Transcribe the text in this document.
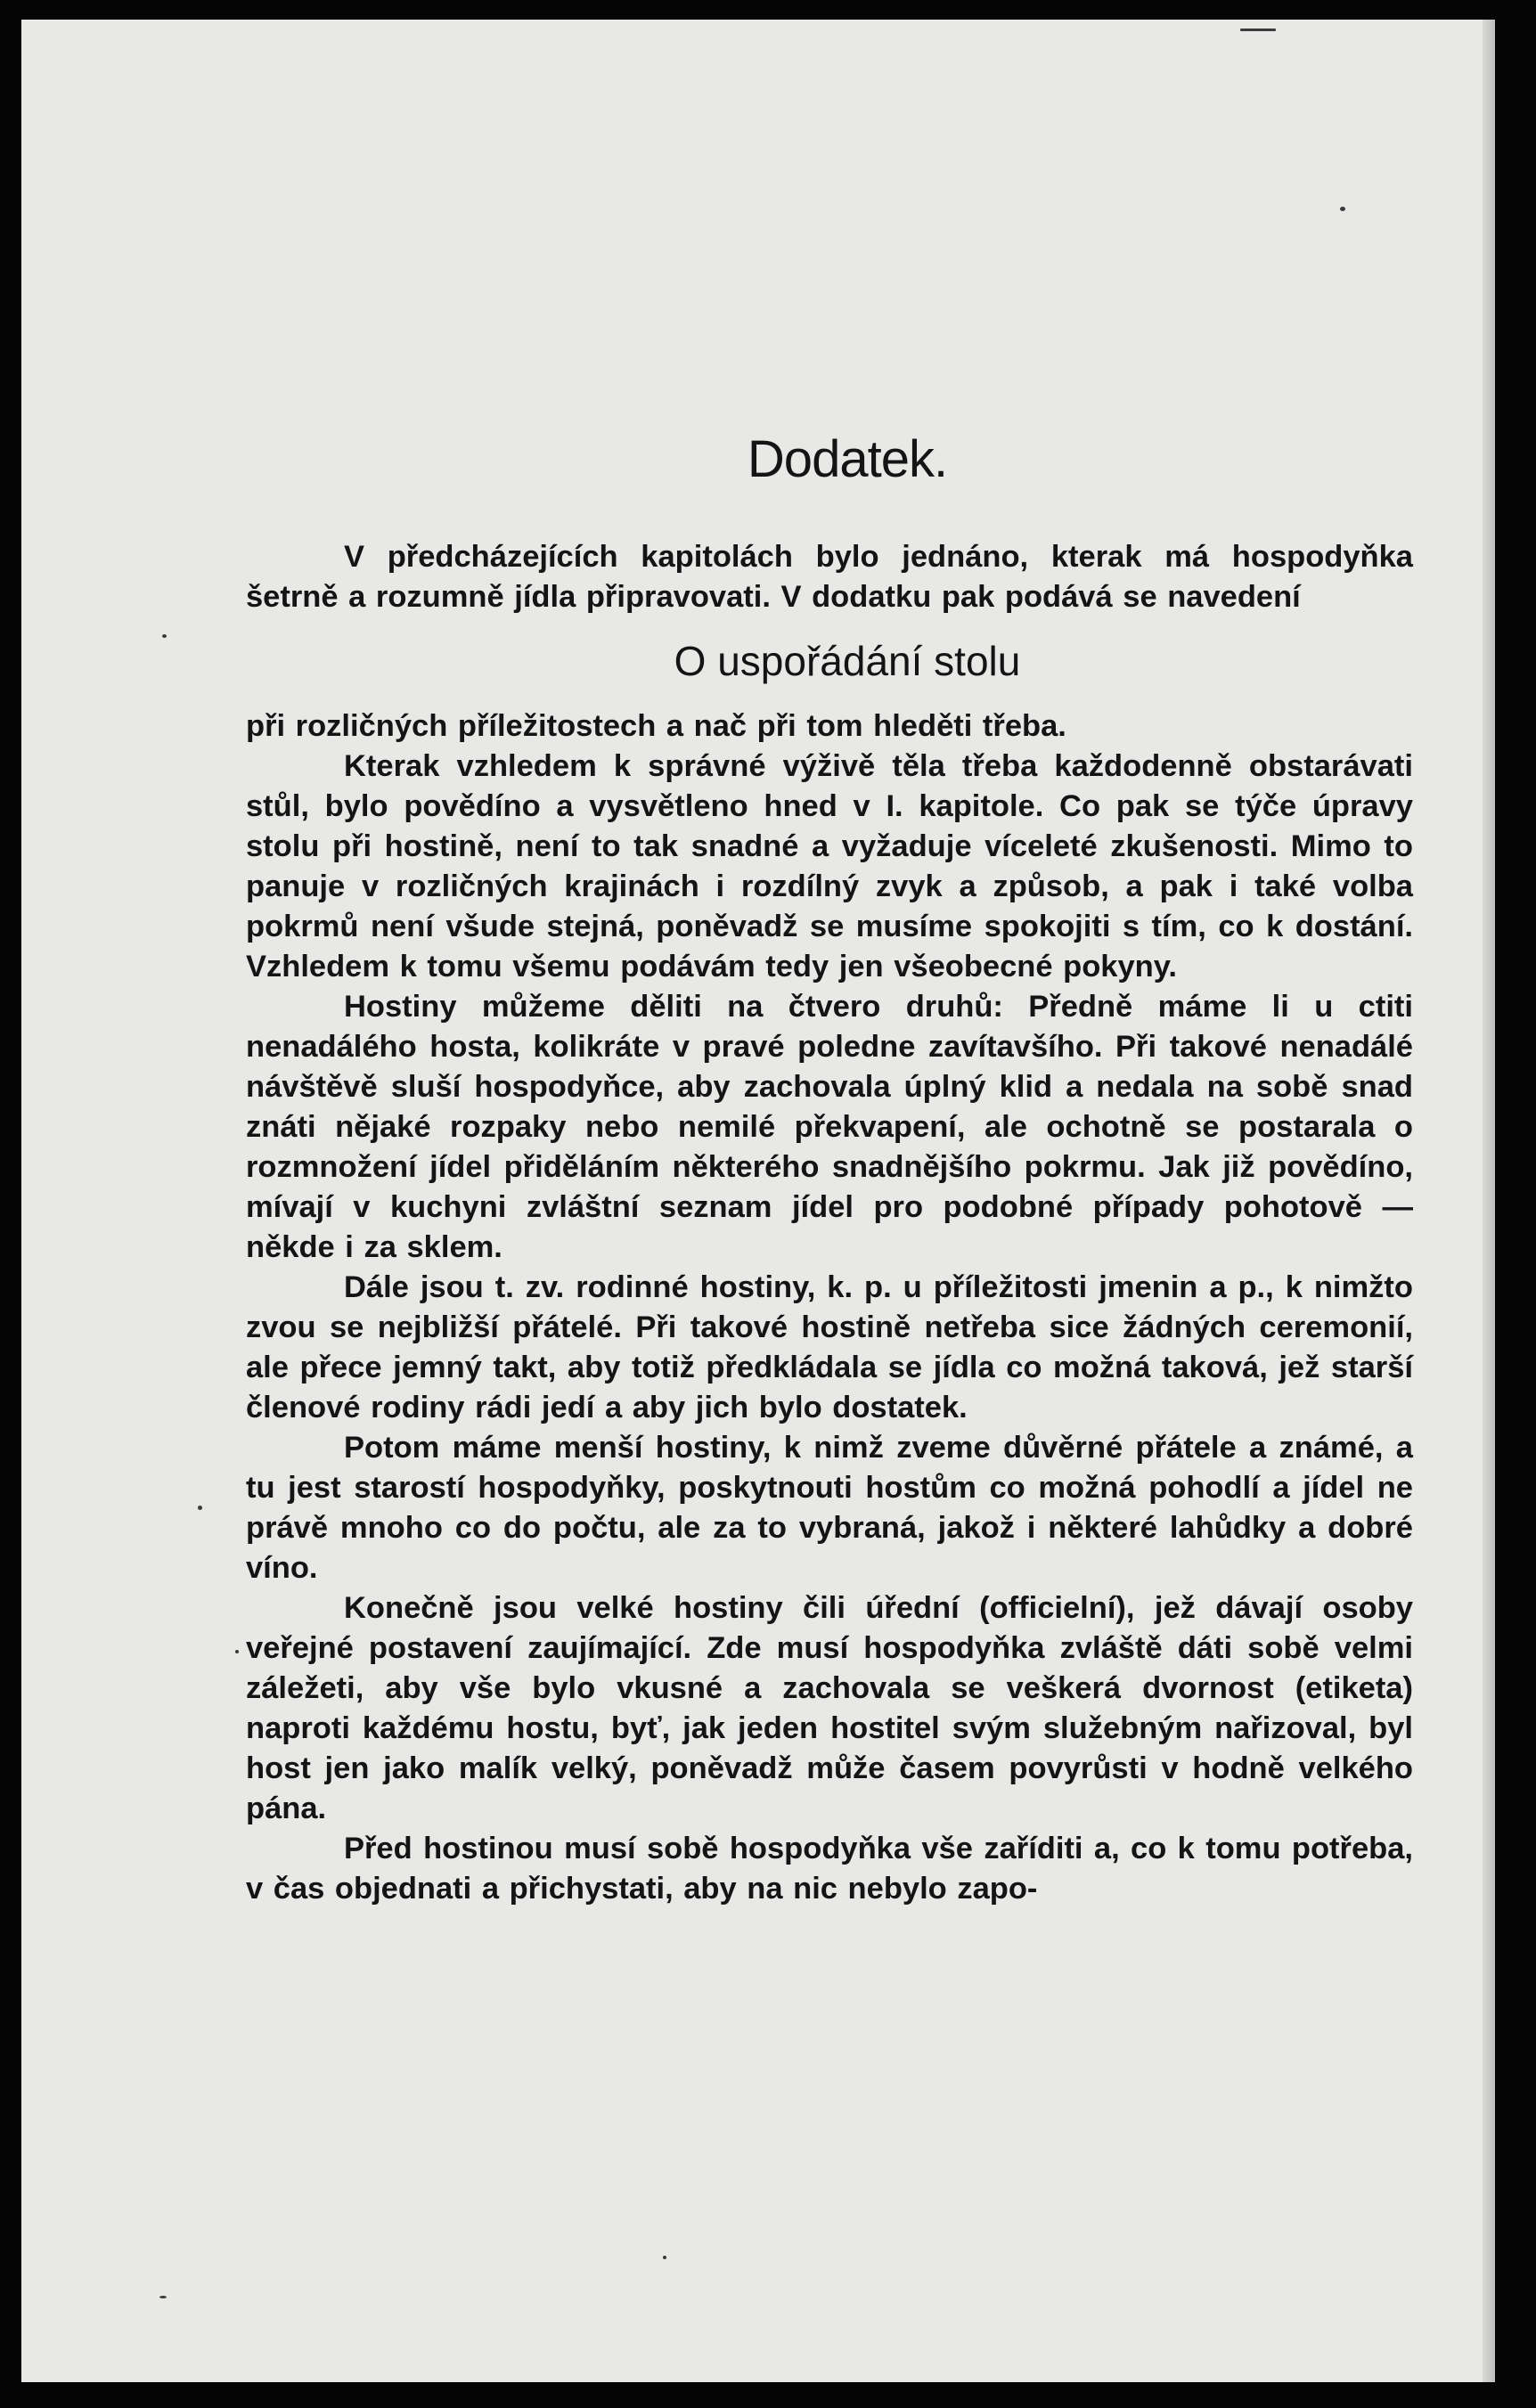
Dodatek.

V předcházejících kapitolách bylo jednáno, kterak má hospodyňka šetrně a rozumně jídla připravovati. V dodatku pak podává se navedení

O uspořádání stolu

při rozličných příležitostech a nač při tom hleděti třeba.

Kterak vzhledem k správné výživě těla třeba každodenně obstarávati stůl, bylo povědíno a vysvětleno hned v I. kapitole. Co pak se týče úpravy stolu při hostině, není to tak snadné a vyžaduje víceleté zkušenosti. Mimo to panuje v rozličných krajinách i rozdílný zvyk a způsob, a pak i také volba pokrmů není všude stejná, poněvadž se musíme spokojiti s tím, co k dostání. Vzhledem k tomu všemu podávám tedy jen všeobecné pokyny.

Hostiny můžeme děliti na čtvero druhů: Předně máme li u ctiti nenadálého hosta, kolikráte v pravé poledne zavítavšího. Při takové nenadálé návštěvě sluší hospodyňce, aby zachovala úplný klid a nedala na sobě snad znáti nějaké rozpaky nebo nemilé překvapení, ale ochotně se postarala o rozmnožení jídel přiděláním některého snadnějšího pokrmu. Jak již povědíno, mívají v kuchyni zvláštní seznam jídel pro podobné případy pohotově — někde i za sklem.

Dále jsou t. zv. rodinné hostiny, k. p. u příležitosti jmenin a p., k nimžto zvou se nejbližší přátelé. Při takové hostině netřeba sice žádných ceremonií, ale přece jemný takt, aby totiž předkládala se jídla co možná taková, jež starší členové rodiny rádi jedí a aby jich bylo dostatek.

Potom máme menší hostiny, k nimž zveme důvěrné přátele a známé, a tu jest starostí hospodyňky, poskytnouti hostům co možná pohodlí a jídel ne právě mnoho co do počtu, ale za to vybraná, jakož i některé lahůdky a dobré víno.

Konečně jsou velké hostiny čili úřední (officielní), jež dávají osoby veřejné postavení zaujímající. Zde musí hospodyňka zvláště dáti sobě velmi záležeti, aby vše bylo vkusné a zachovala se veškerá dvornost (etiketa) naproti každému hostu, byť, jak jeden hostitel svým služebným nařizoval, byl host jen jako malík velký, poněvadž může časem povyrůsti v hodně velkého pána.

Před hostinou musí sobě hospodyňka vše zaříditi a, co k tomu potřeba, v čas objednati a přichystati, aby na nic nebylo zapo-
